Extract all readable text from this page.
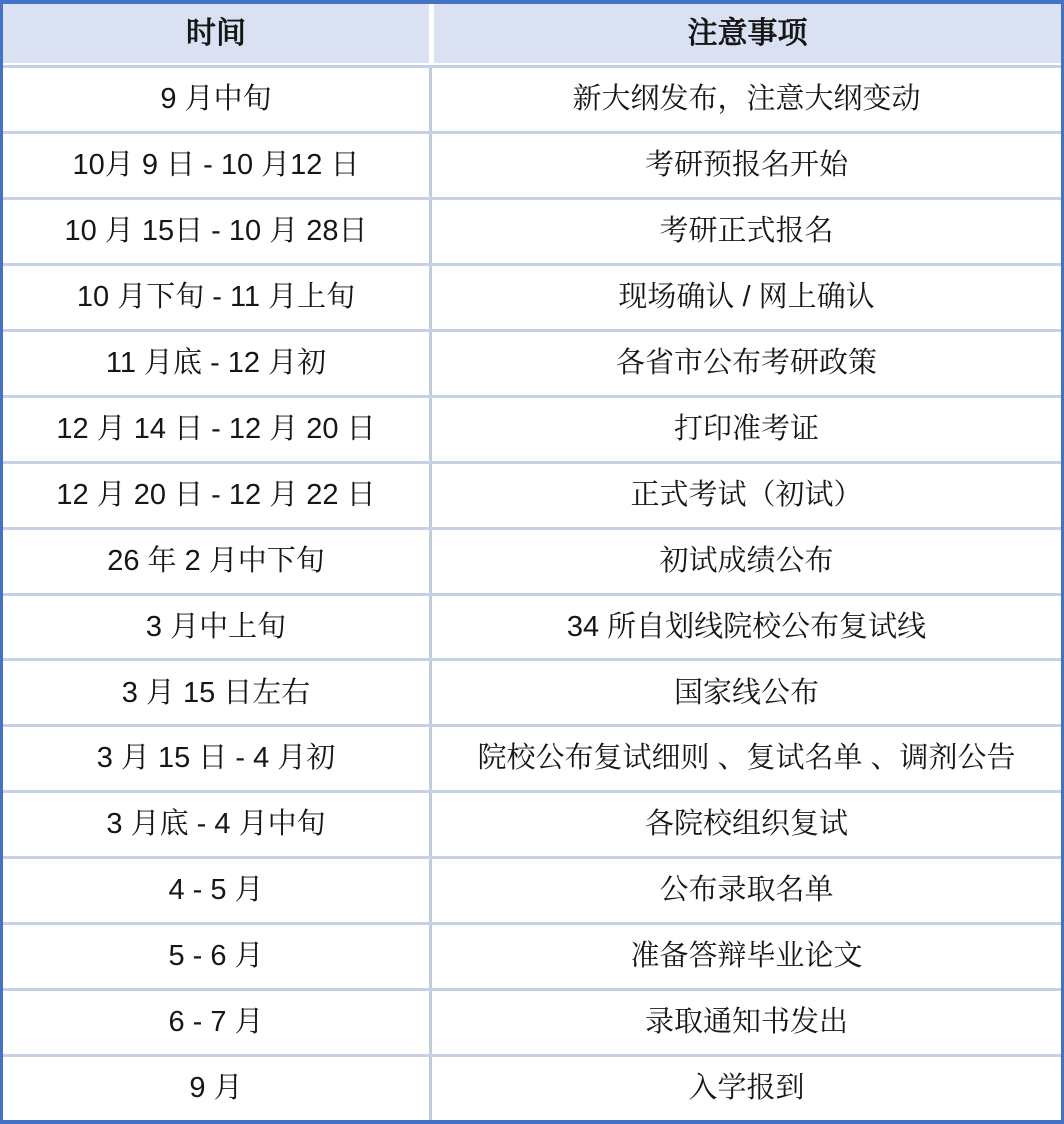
时间	注意事项
9 月中旬	新大纲发布，注意大纲变动
10月 9 日 - 10 月12 日	考研预报名开始
10 月 15日 - 10 月 28日	考研正式报名
10 月下旬 - 11 月上旬	现场确认 / 网上确认
11 月底 - 12 月初	各省市公布考研政策
12 月 14 日 - 12 月 20 日	打印准考证
12 月 20 日 - 12 月 22 日	正式考试（初试）
26 年 2 月中下旬	初试成绩公布
3 月中上旬	34 所自划线院校公布复试线
3 月 15 日左右	国家线公布
3 月 15 日 - 4 月初	院校公布复试细则 、复试名单 、调剂公告
3 月底 - 4 月中旬	各院校组织复试
4 - 5 月	公布录取名单
5 - 6 月	准备答辩毕业论文
6 - 7 月	录取通知书发出
9 月	入学报到
